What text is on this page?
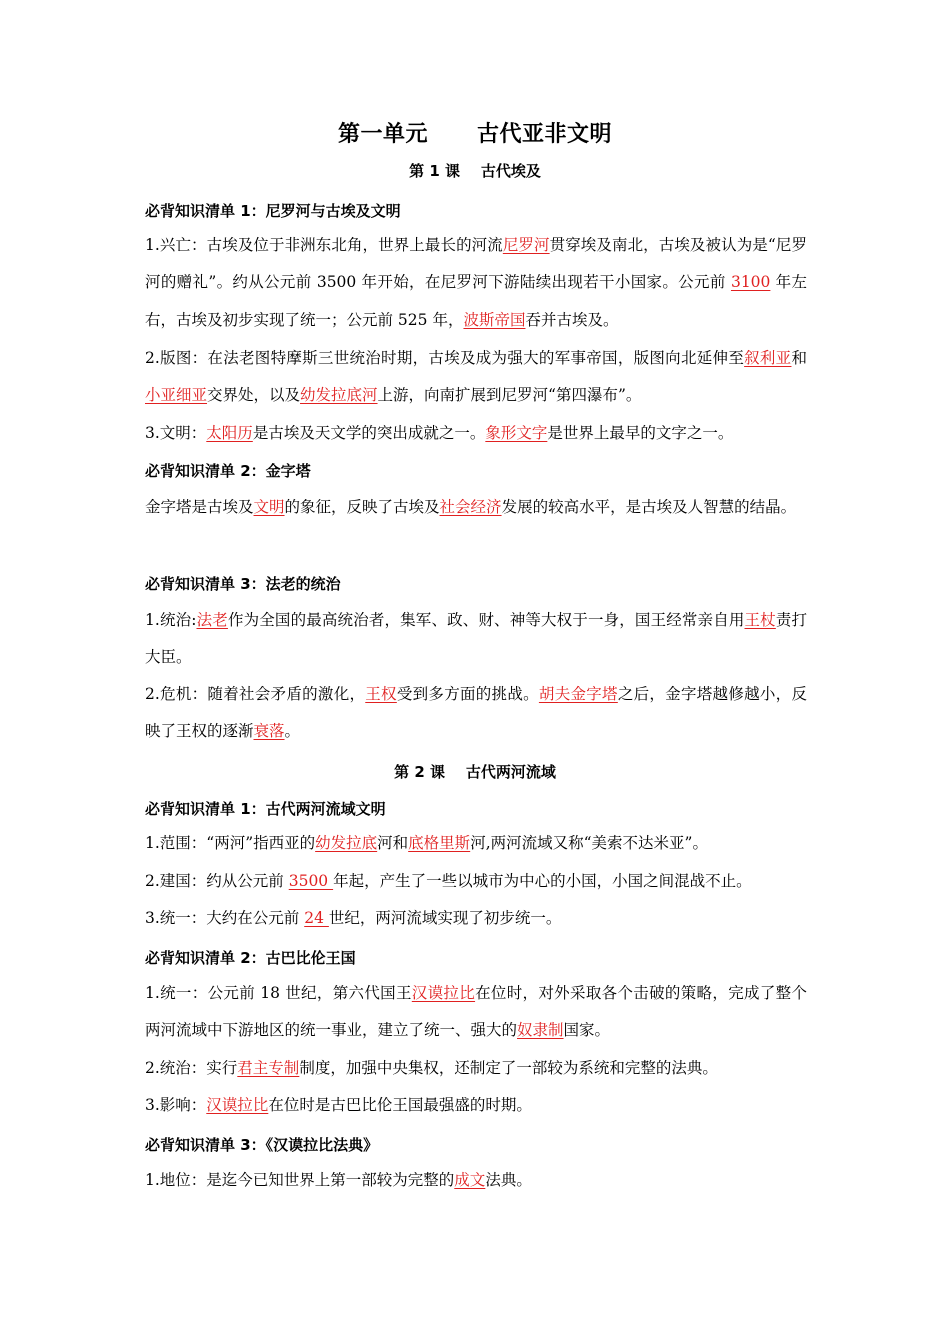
第一单元      古代亚非文明
第 1 课    古代埃及
必背知识清单 1：尼罗河与古埃及文明

1.兴亡：古埃及位于非洲东北角，世界上最长的河流尼罗河贯穿埃及南北，古埃及被认为是“尼罗河的赠礼”。约从公元前 3500 年开始，在尼罗河下游陆续出现若干小国家。公元前 3100 年左右，古埃及初步实现了统一；公元前 525 年，波斯帝国吞并古埃及。

2.版图：在法老图特摩斯三世统治时期，古埃及成为强大的军事帝国，版图向北延伸至叙利亚和小亚细亚交界处，以及幼发拉底河上游，向南扩展到尼罗河“第四瀑布”。

3.文明：太阳历是古埃及天文学的突出成就之一。象形文字是世界上最早的文字之一。

必背知识清单 2：金字塔

金字塔是古埃及文明的象征，反映了古埃及社会经济发展的较高水平，是古埃及人智慧的结晶。

必背知识清单 3：法老的统治

1.统治:法老作为全国的最高统治者，集军、政、财、神等大权于一身，国王经常亲自用王杖责打大臣。

2.危机：随着社会矛盾的激化，王权受到多方面的挑战。胡夫金字塔之后，金字塔越修越小，反映了王权的逐渐衰落。

第 2 课    古代两河流域
必背知识清单 1：古代两河流域文明

1.范围：“两河”指西亚的幼发拉底河和底格里斯河,两河流域又称“美索不达米亚”。

2.建国：约从公元前 3500 年起，产生了一些以城市为中心的小国，小国之间混战不止。

3.统一：大约在公元前 24 世纪，两河流域实现了初步统一。

必背知识清单 2：古巴比伦王国

1.统一：公元前 18 世纪，第六代国王汉谟拉比在位时，对外采取各个击破的策略，完成了整个两河流域中下游地区的统一事业，建立了统一、强大的奴隶制国家。

2.统治：实行君主专制制度，加强中央集权，还制定了一部较为系统和完整的法典。

3.影响：汉谟拉比在位时是古巴比伦王国最强盛的时期。

必背知识清单 3：《汉谟拉比法典》

1.地位：是迄今已知世界上第一部较为完整的成文法典。
